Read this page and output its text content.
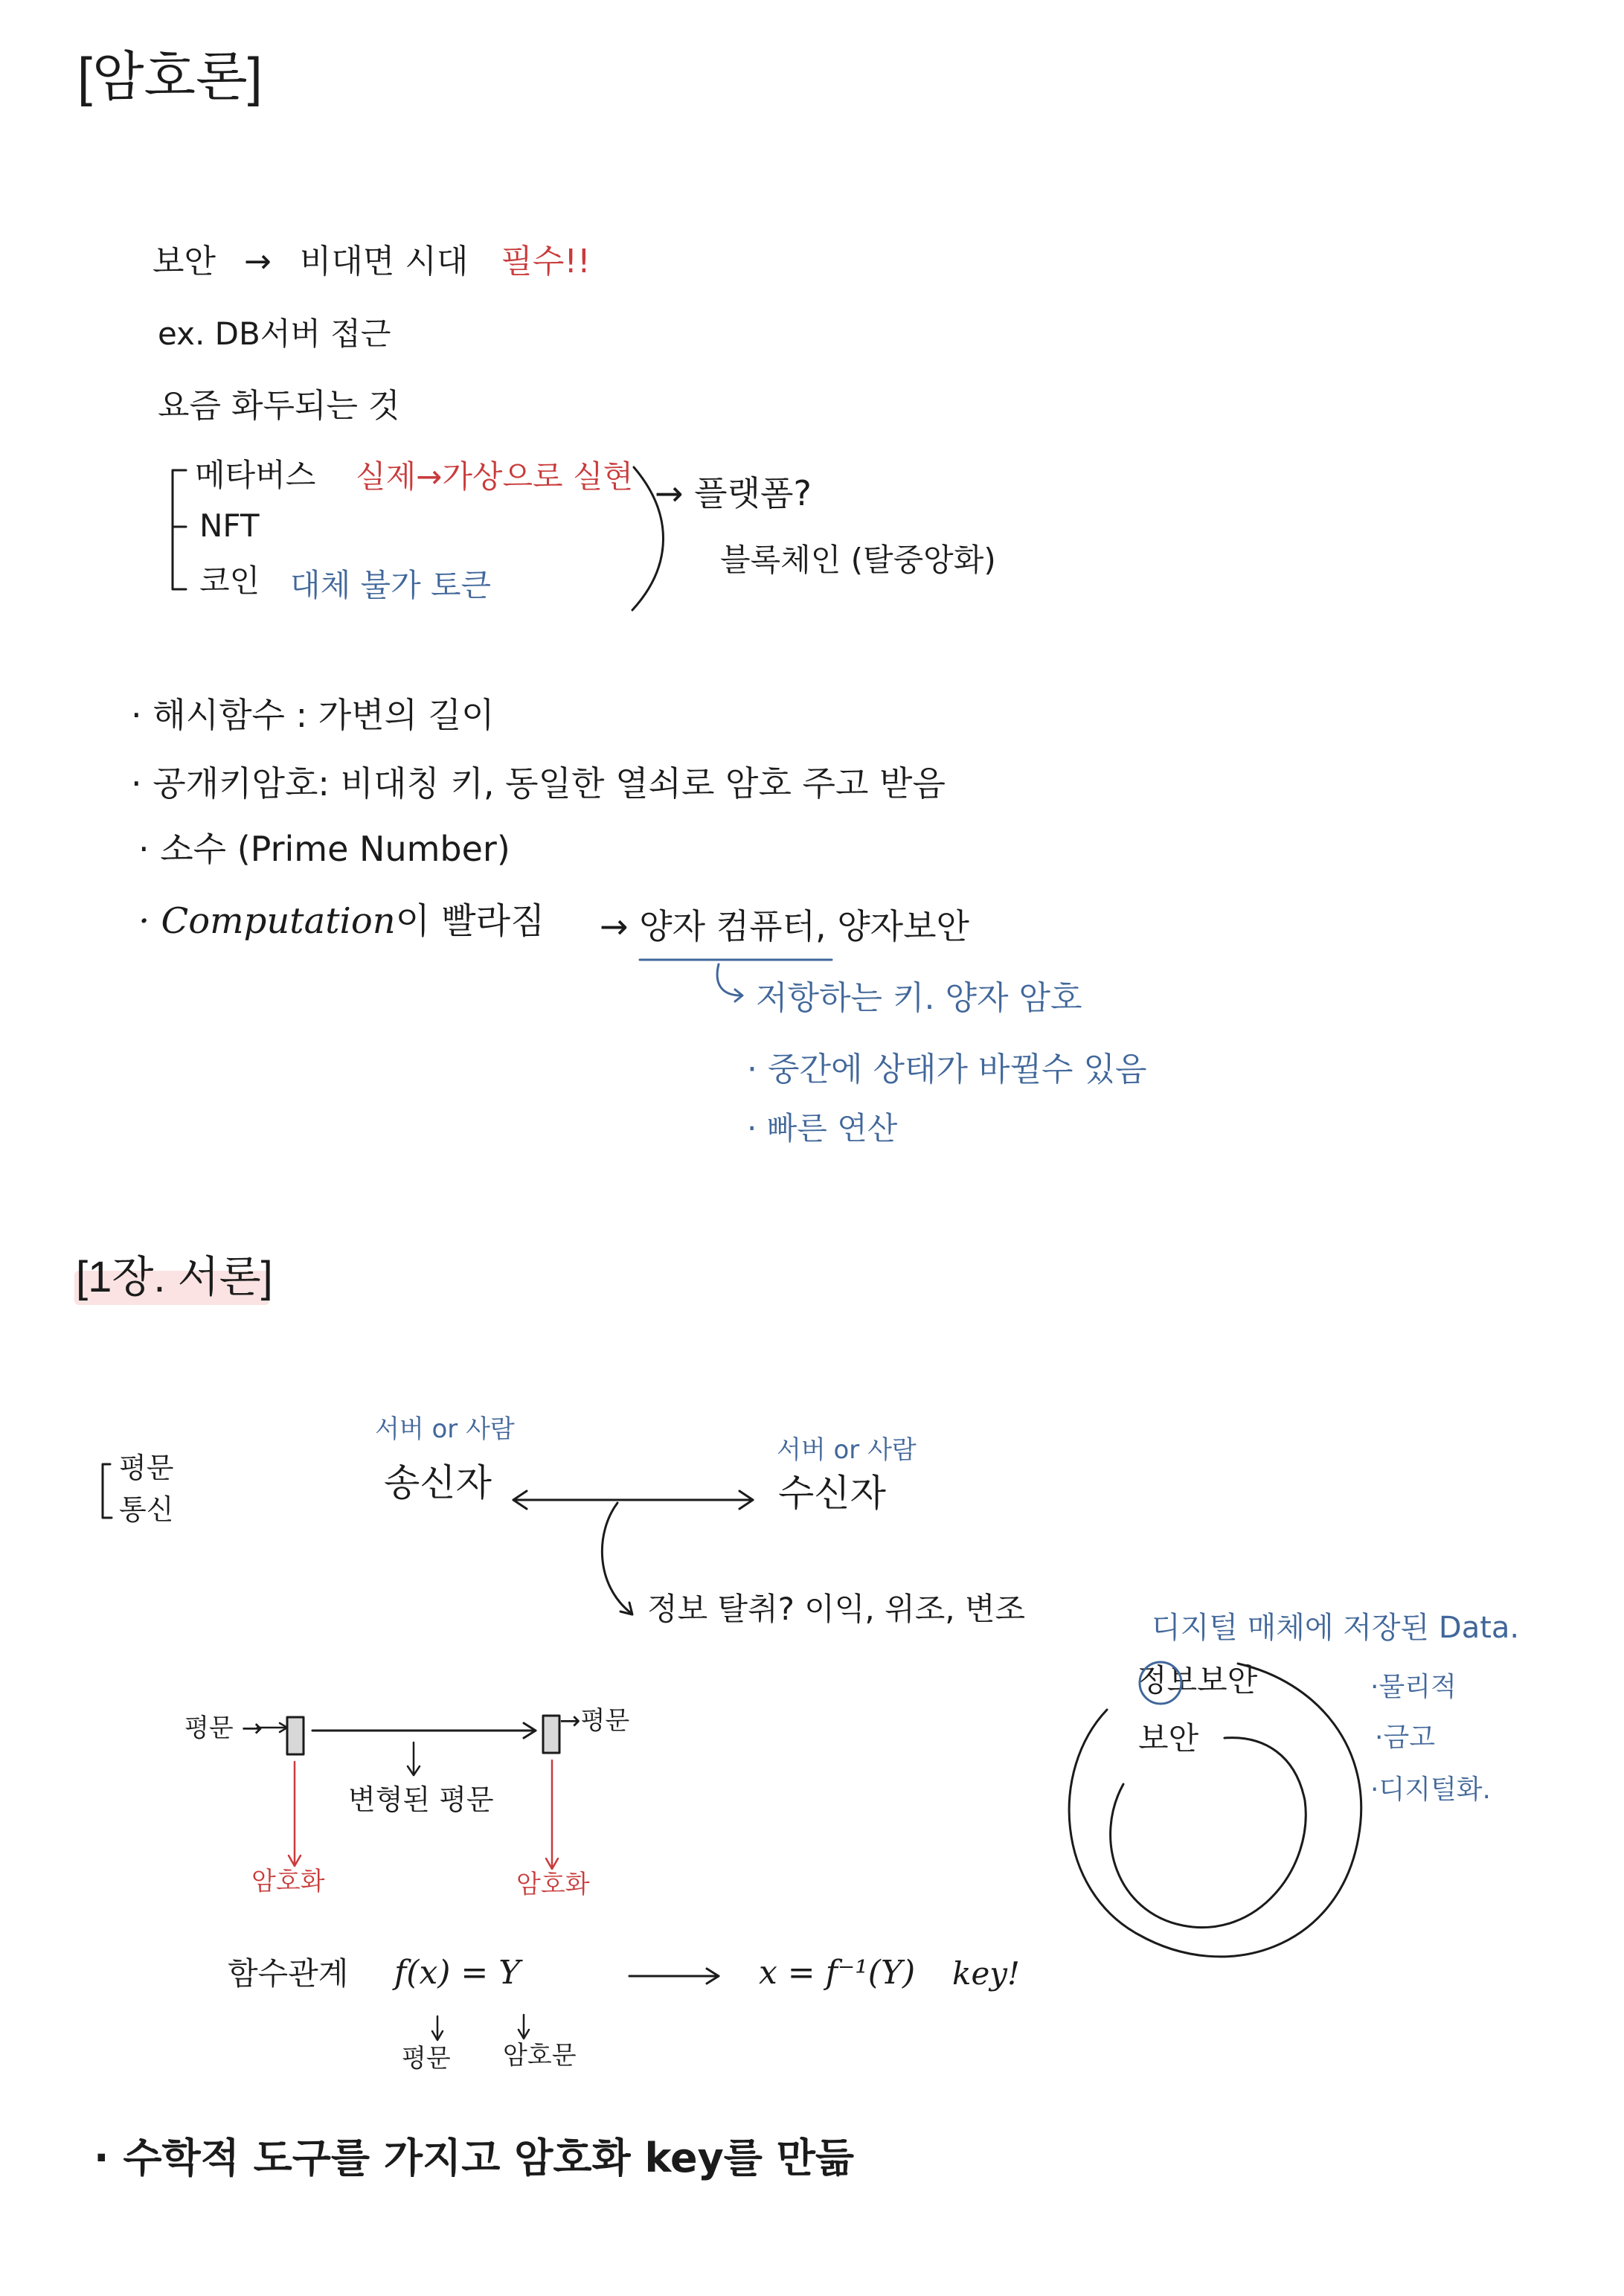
[암호론]
보안 → 비대면 시대 필수!!
ex. DB서버 접근
요즘 화두되는 것
메타버스 실제→가상으로 실현
NFT
코인 대체 불가 토큰
→ 플랫폼?
블록체인 (탈중앙화)
· 해시함수 : 가변의 길이
· 공개키암호: 비대칭 키, 동일한 열쇠로 암호 주고 받음
· 소수 (Prime Number)
· Computation이 빨라짐 → 양자 컴퓨터, 양자보안
저항하는 키. 양자 암호
· 중간에 상태가 바뀔수 있음
· 빠른 연산
[1장. 서론]
평문
통신
서버 or 사람
송신자
서버 or 사람
수신자
정보 탈취? 이익, 위조, 변조
평문 →	→평문
변형된 평문
암호화	암호화
디지털 매체에 저장된 Data.
정보보안
보안
·물리적
·금고
·디지털화.
함수관계 f(x) = Y
평문 암호문
x = f⁻¹(Y) key!
· 수학적 도구를 가지고 암호화 key를 만듦
